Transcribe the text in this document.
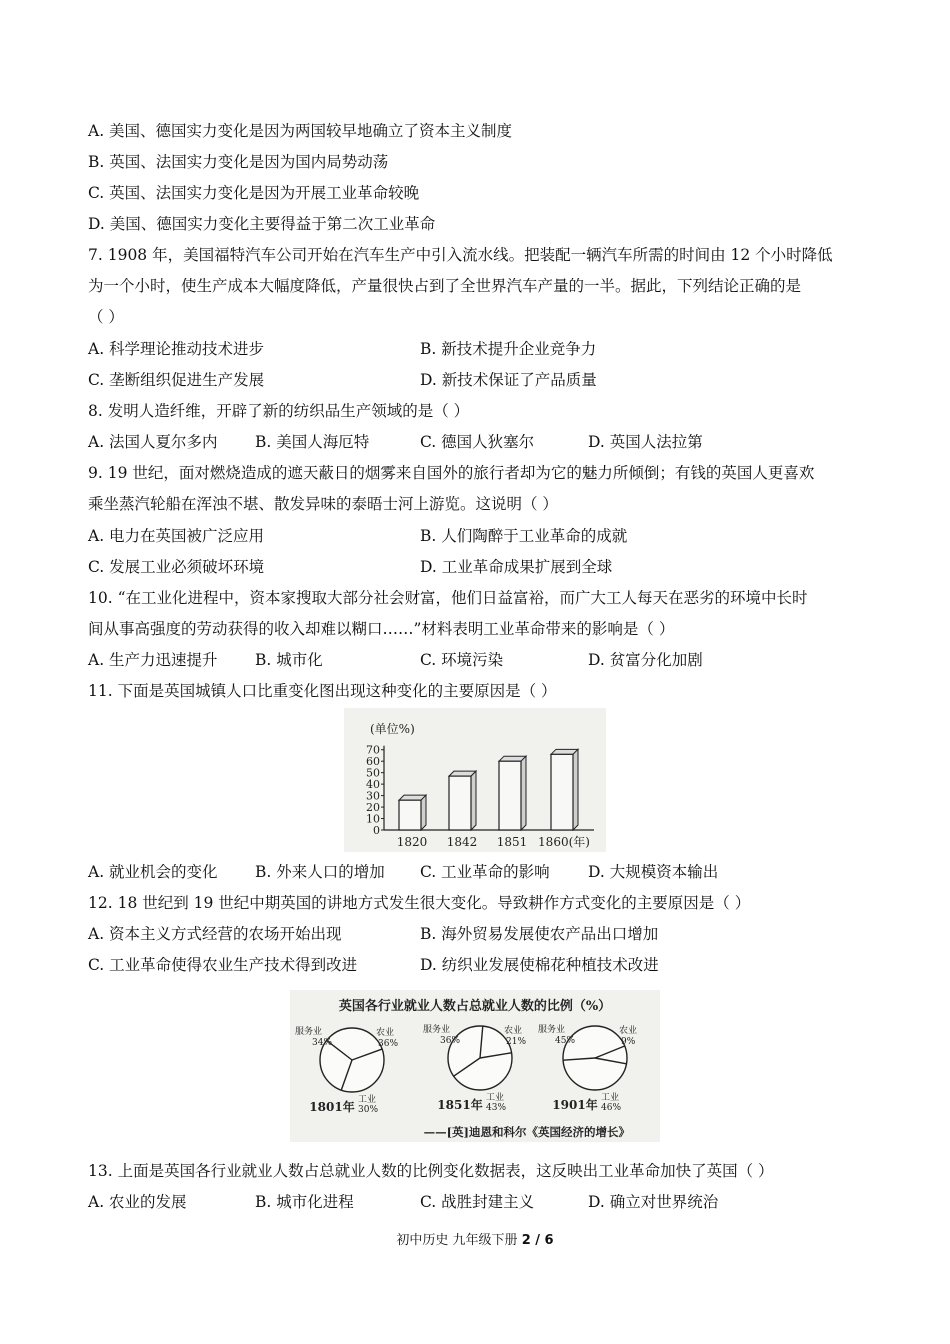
A. 美国、德国实力变化是因为两国较早地确立了资本主义制度
B. 英国、法国实力变化是因为国内局势动荡
C. 英国、法国实力变化是因为开展工业革命较晚
D. 美国、德国实力变化主要得益于第二次工业革命
7. 1908 年，美国福特汽车公司开始在汽车生产中引入流水线。把装配一辆汽车所需的时间由 12 个小时降低
为一个小时，使生产成本大幅度降低，产量很快占到了全世界汽车产量的一半。据此，下列结论正确的是
（ ）
A. 科学理论推动技术进步	B. 新技术提升企业竞争力
C. 垄断组织促进生产发展	D. 新技术保证了产品质量
8. 发明人造纤维，开辟了新的纺织品生产领域的是（ ）
A. 法国人夏尔多内 B. 美国人海厄特	C. 德国人狄塞尔	D. 英国人法拉第
9. 19 世纪，面对燃烧造成的遮天蔽日的烟雾来自国外的旅行者却为它的魅力所倾倒；有钱的英国人更喜欢
乘坐蒸汽轮船在浑浊不堪、散发异味的泰晤士河上游览。这说明（ ）
A. 电力在英国被广泛应用	B. 人们陶醉于工业革命的成就
C. 发展工业必须破坏环境	D. 工业革命成果扩展到全球
10. “在工业化进程中，资本家搜取大部分社会财富，他们日益富裕，而广大工人每天在恶劣的环境中长时
间从事高强度的劳动获得的收入却难以糊口……”材料表明工业革命带来的影响是（ ）
A. 生产力迅速提升 B. 城市化	C. 环境污染	D. 贫富分化加剧
11. 下面是英国城镇人口比重变化图出现这种变化的主要原因是（ ）
(单位%)
0
10
20
30
40
50
60
70
1820 1842 1851 1860(年)
A. 就业机会的变化 B. 外来人口的增加 C. 工业革命的影响 D. 大规模资本输出
12. 18 世纪到 19 世纪中期英国的讲地方式发生很大变化。导致耕作方式变化的主要原因是（ ）
A. 资本主义方式经营的农场开始出现	B. 海外贸易发展使农产品出口增加
C. 工业革命使得农业生产技术得到改进	D. 纺织业发展使棉花种植技术改进
英国各行业就业人数占总就业人数的比例（%）
服务业
34%
农业
36%
工业
30%
1801年
服务业
36%
农业
21%
工业
43%
1851年
服务业
45%
农业
9%
工业
46%
1901年
——[英]迪恩和科尔《英国经济的增长》
13. 上面是英国各行业就业人数占总就业人数的比例变化数据表，这反映出工业革命加快了英国（ ）
A. 农业的发展	B. 城市化进程	C. 战胜封建主义	D. 确立对世界统治
初中历史 九年级下册 2 / 6
